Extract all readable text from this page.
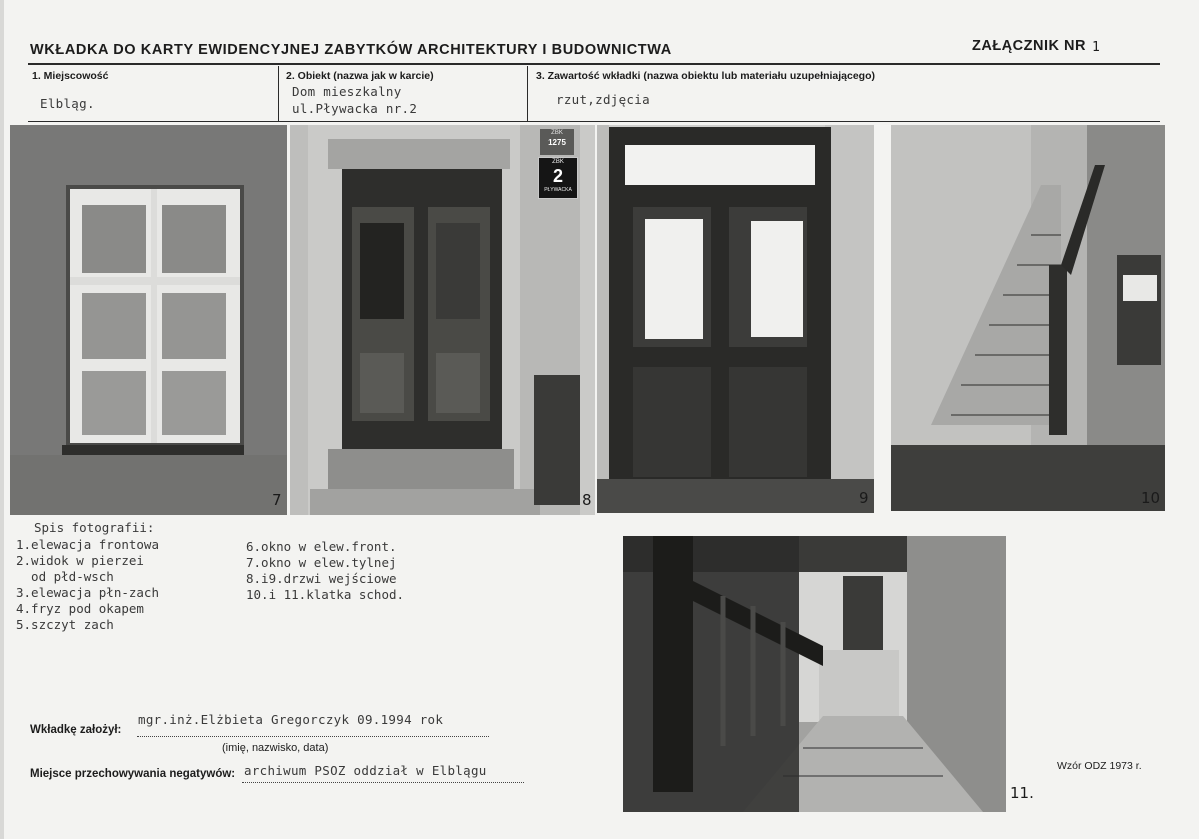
WKŁADKA DO KARTY EWIDENCYJNEJ ZABYTKÓW ARCHITEKTURY I BUDOWNICTWA	ZAŁĄCZNIK NR 1
1. Miejscowość
Elbląg.
2. Obiekt (nazwa jak w karcie)
Dom mieszkalny
ul.Pływacka nr.2
3. Zawartość wkładki (nazwa obiektu lub materiału uzupełniającego)
rzut,zdjęcia
7
ZBK
1275
ZBK
2
PŁYWACKA
8	9	10
11.
Spis fotografii:
1.elewacja frontowa
2.widok w pierzei
od płd-wsch
3.elewacja płn-zach
4.fryz pod okapem
5.szczyt zach
6.okno w elew.front.
7.okno w elew.tylnej
8.i9.drzwi wejściowe
10.i 11.klatka schod.
Wkładkę założył:
mgr.inż.Elżbieta Gregorczyk 09.1994 rok
(imię, nazwisko, data)
Miejsce przechowywania negatywów: archiwum PSOZ oddział w Elblągu	Wzór ODZ 1973 r.
